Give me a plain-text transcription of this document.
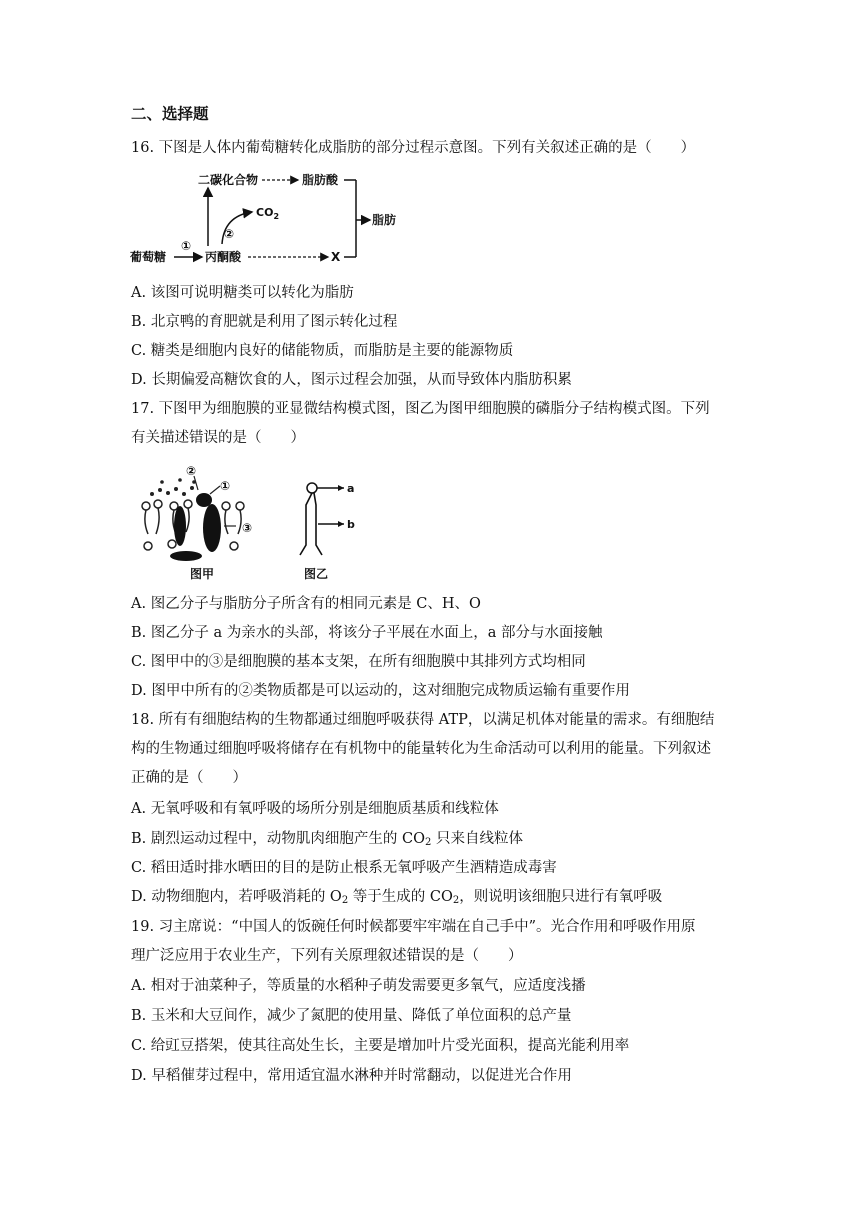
二、选择题
16. 下图是人体内葡萄糖转化成脂肪的部分过程示意图。下列有关叙述正确的是（　　）
葡萄糖
①
丙酮酸
②
$CO_2$
二碳化合物	脂肪酸
X
脂肪
A. 该图可说明糖类可以转化为脂肪
B. 北京鸭的育肥就是利用了图示转化过程
C. 糖类是细胞内良好的储能物质，而脂肪是主要的能源物质
D. 长期偏爱高糖饮食的人，图示过程会加强，从而导致体内脂肪积累
17. 下图甲为细胞膜的亚显微结构模式图，图乙为图甲细胞膜的磷脂分子结构模式图。下列
有关描述错误的是（　　）
②
①
③
图甲
a
b
图乙
A. 图乙分子与脂肪分子所含有的相同元素是 C、H、O
B. 图乙分子 a 为亲水的头部，将该分子平展在水面上，a 部分与水面接触
C. 图甲中的③是细胞膜的基本支架，在所有细胞膜中其排列方式均相同
D. 图甲中所有的②类物质都是可以运动的，这对细胞完成物质运输有重要作用
18. 所有有细胞结构的生物都通过细胞呼吸获得 ATP，以满足机体对能量的需求。有细胞结
构的生物通过细胞呼吸将储存在有机物中的能量转化为生命活动可以利用的能量。下列叙述
正确的是（　　）
A. 无氧呼吸和有氧呼吸的场所分别是细胞质基质和线粒体
B. 剧烈运动过程中，动物肌肉细胞产生的 $CO_2$ 只来自线粒体
C. 稻田适时排水晒田的目的是防止根系无氧呼吸产生酒精造成毒害
D. 动物细胞内，若呼吸消耗的 $O_2$ 等于生成的 $CO_2$，则说明该细胞只进行有氧呼吸
19. 习主席说：“中国人的饭碗任何时候都要牢牢端在自己手中”。光合作用和呼吸作用原
理广泛应用于农业生产，下列有关原理叙述错误的是（　　）
A. 相对于油菜种子，等质量的水稻种子萌发需要更多氧气，应适度浅播
B. 玉米和大豆间作，减少了氮肥的使用量、降低了单位面积的总产量
C. 给豇豆搭架，使其往高处生长，主要是增加叶片受光面积，提高光能利用率
D. 早稻催芽过程中，常用适宜温水淋种并时常翻动，以促进光合作用
